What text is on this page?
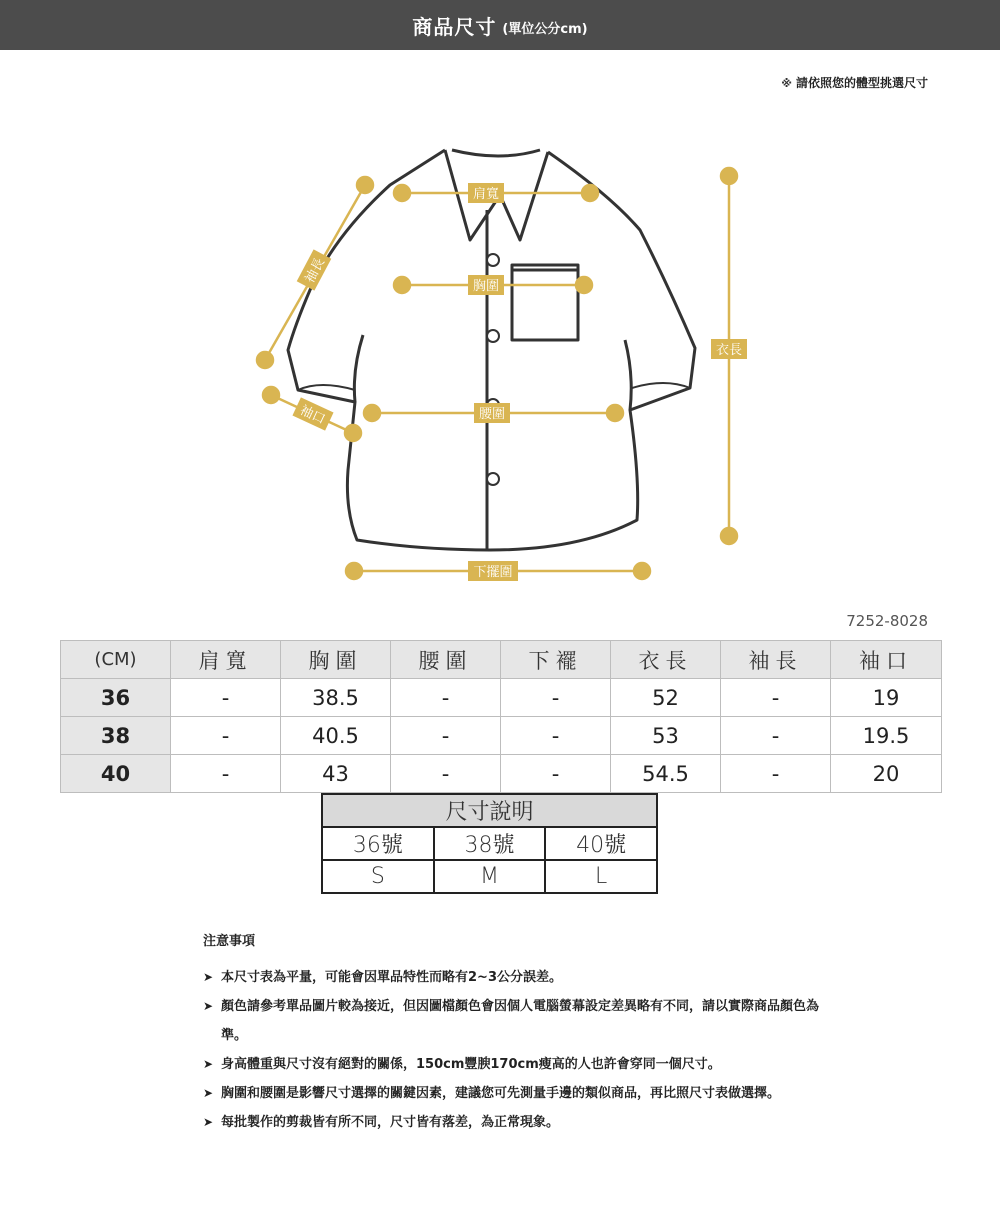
商品尺寸 (單位公分cm)
※ 請依照您的體型挑選尺寸
肩寬
胸圍
腰圍
下擺圍
衣長
袖長
袖口
7252-8028
(CM)	肩寬	胸圍	腰圍	下襬	衣長	袖長	袖口
36	-	38.5	-	-	52	-	19
38	-	40.5	-	-	53	-	19.5
40	-	43	-	-	54.5	-	20
尺寸說明		
36號	38號	40號
S	M	L
注意事項
➤ 本尺寸表為平量，可能會因單品特性而略有2~3公分誤差。
➤ 顏色請參考單品圖片較為接近，但因圖檔顏色會因個人電腦螢幕設定差異略有不同，請以實際商品顏色為準。
➤ 身高體重與尺寸沒有絕對的關係，150cm豐腴170cm瘦高的人也許會穿同一個尺寸。
➤ 胸圍和腰圍是影響尺寸選擇的關鍵因素，建議您可先測量手邊的類似商品，再比照尺寸表做選擇。
➤ 每批製作的剪裁皆有所不同，尺寸皆有落差，為正常現象。
